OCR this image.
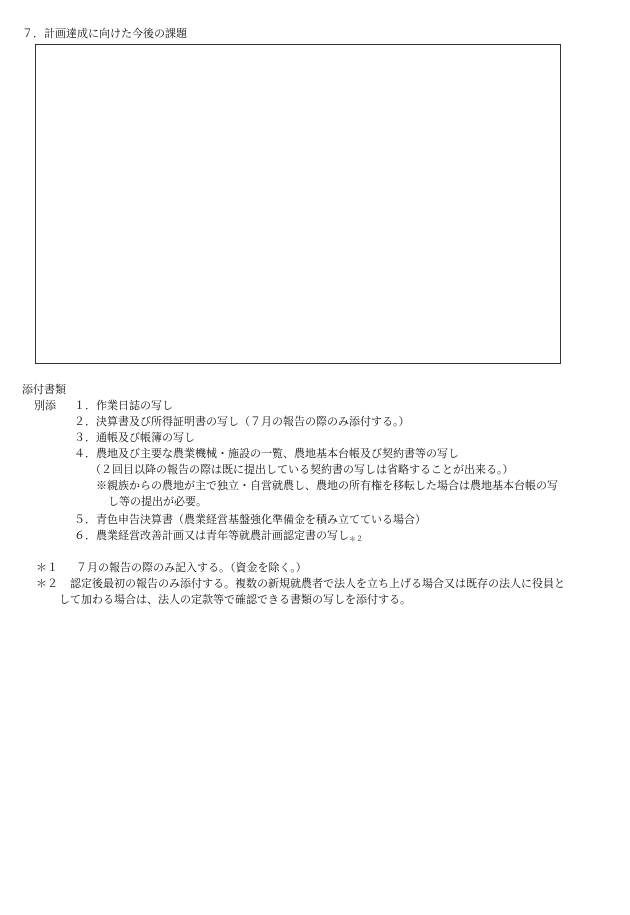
７．計画達成に向けた今後の課題
添付書類
別添 １．作業日誌の写し
２．決算書及び所得証明書の写し（７月の報告の際のみ添付する。）
３．通帳及び帳簿の写し
４．農地及び主要な農業機械・施設の一覧、農地基本台帳及び契約書等の写し
（２回目以降の報告の際は既に提出している契約書の写しは省略することが出来る。）
※親族からの農地が主で独立・自営就農し、農地の所有権を移転した場合は農地基本台帳の写
し等の提出が必要。
５．青色申告決算書（農業経営基盤強化準備金を積み立てている場合）
６．農業経営改善計画又は青年等就農計画認定書の写し$_{*2}$
＊１ ７月の報告の際のみ記入する。（資金を除く。）
＊２ 認定後最初の報告のみ添付する。複数の新規就農者で法人を立ち上げる場合又は既存の法人に役員と
して加わる場合は、法人の定款等で確認できる書類の写しを添付する。
